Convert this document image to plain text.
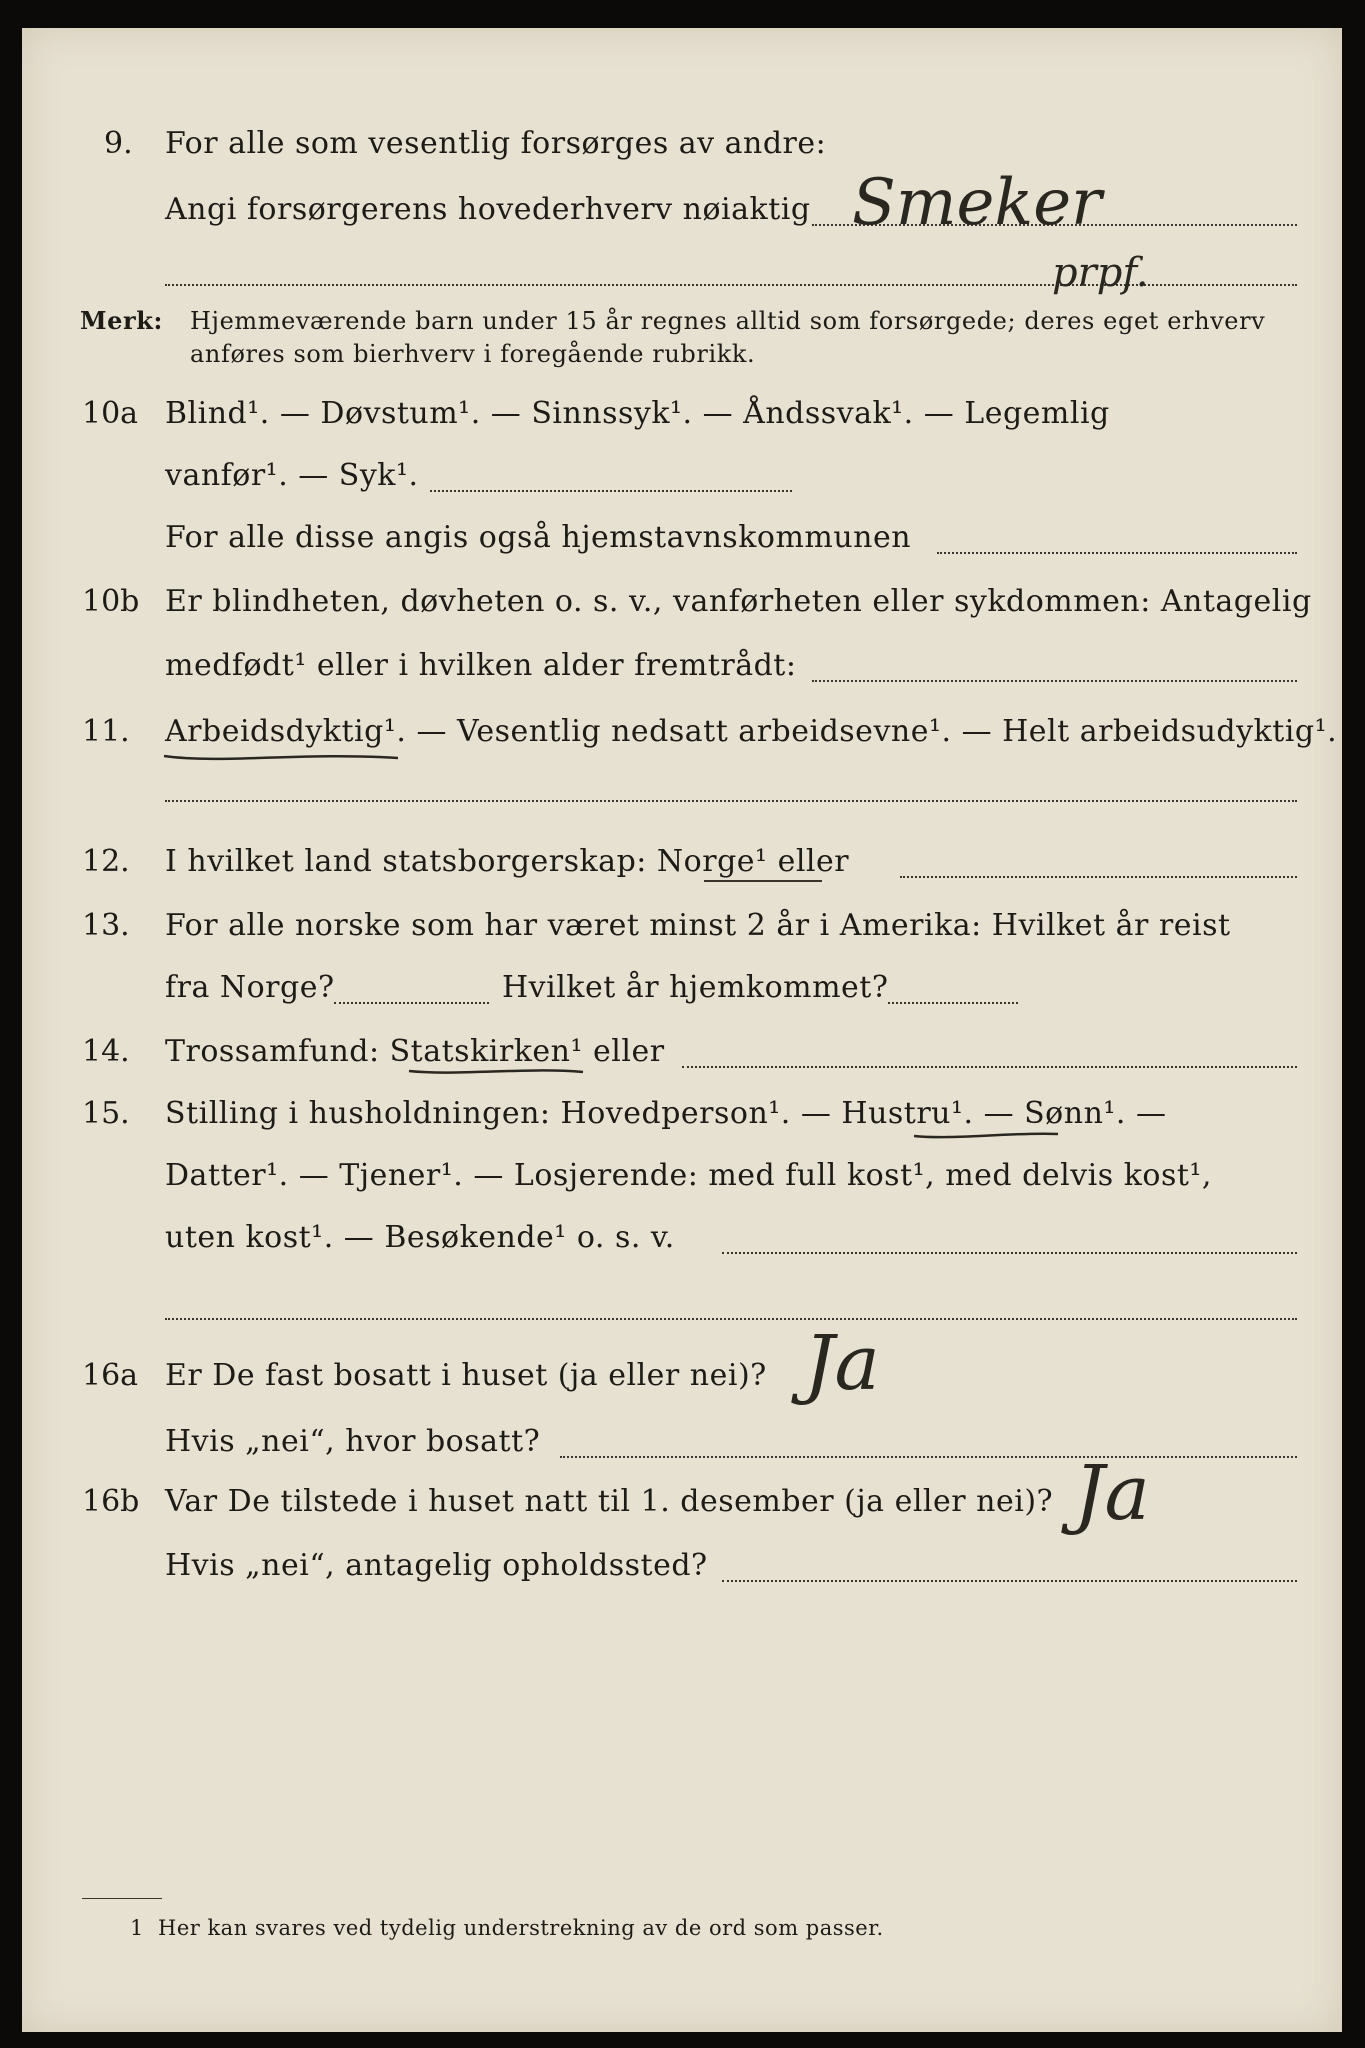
9. For alle som vesentlig forsørges av andre:
Angi forsørgerens hovederhverv nøiaktig Smeker
prpf.
Merk: Hjemmeværende barn under 15 år regnes alltid som forsørgede; deres eget erhverv
anføres som bierhverv i foregående rubrikk.
10a Blind¹. — Døvstum¹. — Sinnssyk¹. — Åndssvak¹. — Legemlig
vanfør¹. — Syk¹.
For alle disse angis også hjemstavnskommunen
10b Er blindheten, døvheten o. s. v., vanførheten eller sykdommen: Antagelig
medfødt¹ eller i hvilken alder fremtrådt:
11. Arbeidsdyktig¹. — Vesentlig nedsatt arbeidsevne¹. — Helt arbeidsudyktig¹.
12. I hvilket land statsborgerskap: Norge¹ eller
13. For alle norske som har været minst 2 år i Amerika: Hvilket år reist
fra Norge?	Hvilket år hjemkommet?
14. Trossamfund: Statskirken¹ eller
15. Stilling i husholdningen: Hovedperson¹. — Hustru¹. — Sønn¹. —
Datter¹. — Tjener¹. — Losjerende: med full kost¹, med delvis kost¹,
uten kost¹. — Besøkende¹ o. s. v.
16a Er De fast bosatt i huset (ja eller nei)? Ja
Hvis „nei“, hvor bosatt?
16b Var De tilstede i huset natt til 1. desember (ja eller nei)? Ja
Hvis „nei“, antagelig opholdssted?
1 Her kan svares ved tydelig understrekning av de ord som passer.
